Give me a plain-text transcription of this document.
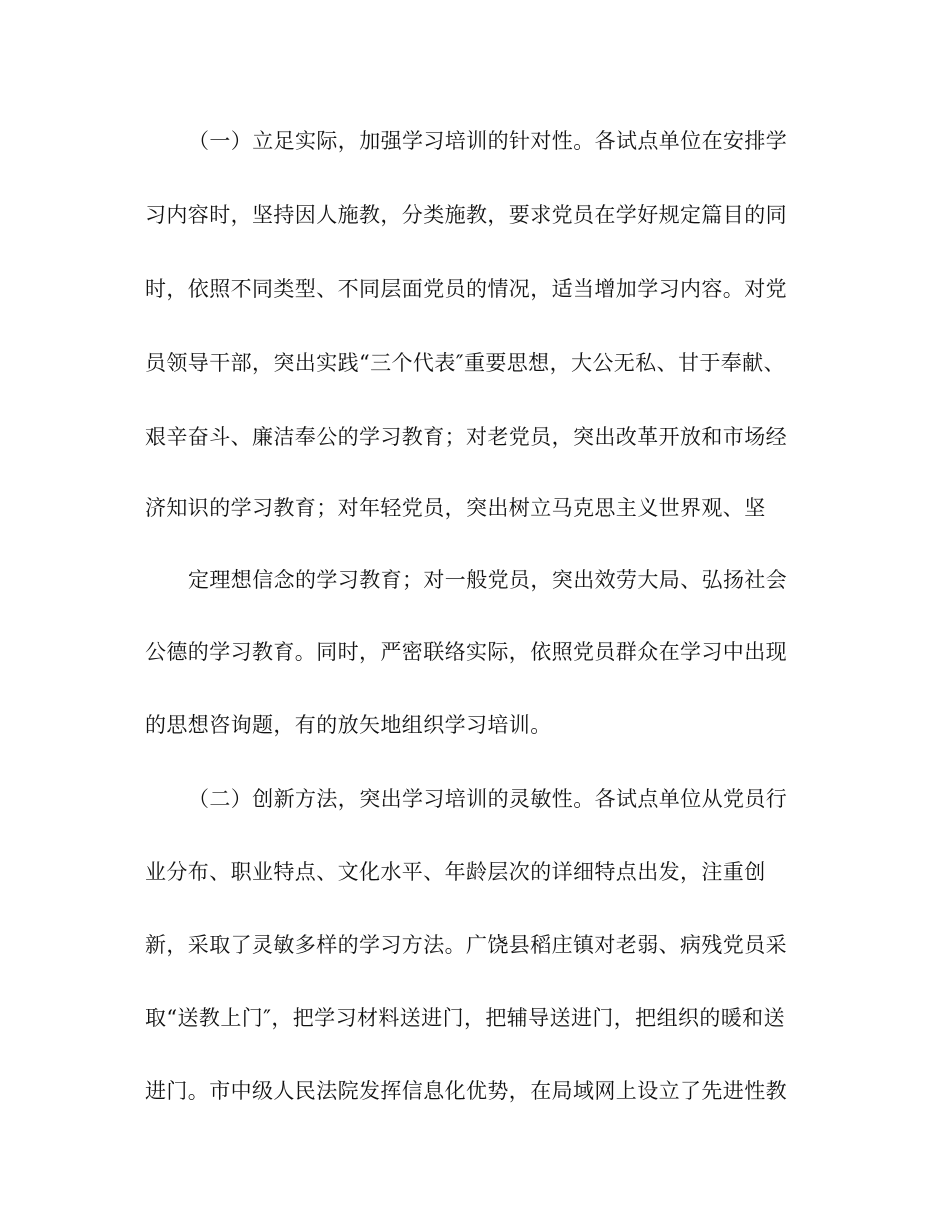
（一）立足实际，加强学习培训的针对性。各试点单位在安排学
习内容时，坚持因人施教，分类施教，要求党员在学好规定篇目的同
时，依照不同类型、不同层面党员的情况，适当增加学习内容。对党
员领导干部，突出实践“三个代表″重要思想，大公无私、甘于奉献、
艰辛奋斗、廉洁奉公的学习教育；对老党员，突出改革开放和市场经
济知识的学习教育；对年轻党员，突出树立马克思主义世界观、坚
定理想信念的学习教育；对一般党员，突出效劳大局、弘扬社会
公德的学习教育。同时，严密联络实际，依照党员群众在学习中出现
的思想咨询题，有的放矢地组织学习培训。
（二）创新方法，突出学习培训的灵敏性。各试点单位从党员行
业分布、职业特点、文化水平、年龄层次的详细特点出发，注重创
新，采取了灵敏多样的学习方法。广饶县稻庄镇对老弱、病残党员采
取“送教上门″，把学习材料送进门，把辅导送进门，把组织的暖和送
进门。市中级人民法院发挥信息化优势，在局域网上设立了先进性教
